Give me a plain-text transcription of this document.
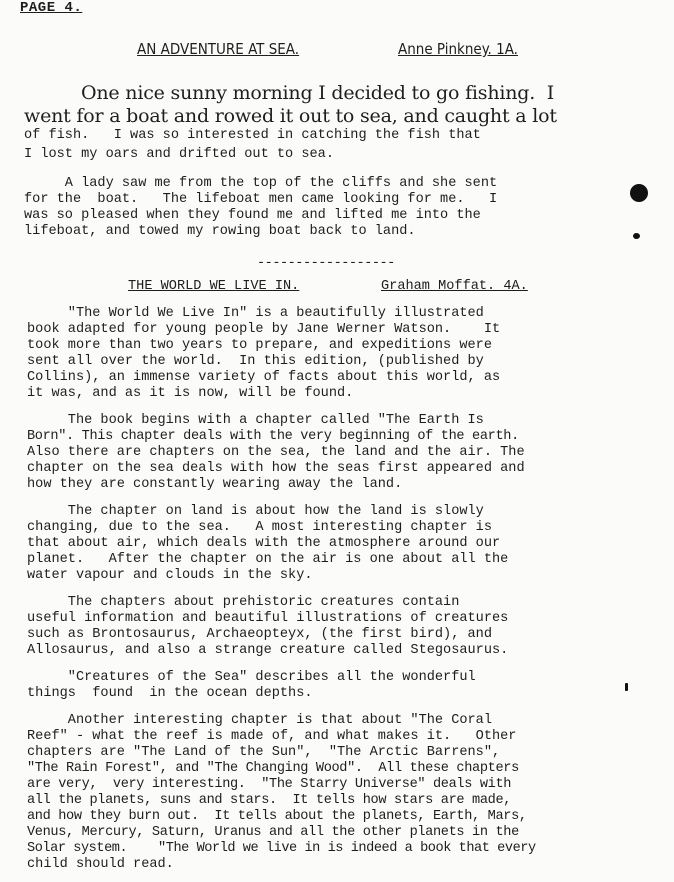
PAGE 4.
AN ADVENTURE AT SEA.	Anne Pinkney. 1A.
One nice sunny morning I decided to go fishing.  I
went for a boat and rowed it out to sea, and caught a lot
of fish.   I was so interested in catching the fish that
I lost my oars and drifted out to sea.
A lady saw me from the top of the cliffs and she sent
for the  boat.   The lifeboat men came looking for me.   I
was so pleased when they found me and lifted me into the
lifeboat, and towed my rowing boat back to land.
------------------
THE WORLD WE LIVE IN.	Graham Moffat. 4A.
"The World We Live In" is a beautifully illustrated
book adapted for young people by Jane Werner Watson.    It
took more than two years to prepare, and expeditions were
sent all over the world.  In this edition, (published by
Collins), an immense variety of facts about this world, as
it was, and as it is now, will be found.
The book begins with a chapter called "The Earth Is
Born". This chapter deals with the very beginning of the earth.
Also there are chapters on the sea, the land and the air. The
chapter on the sea deals with how the seas first appeared and
how they are constantly wearing away the land.
The chapter on land is about how the land is slowly
changing, due to the sea.   A most interesting chapter is
that about air, which deals with the atmosphere around our
planet.   After the chapter on the air is one about all the
water vapour and clouds in the sky.
The chapters about prehistoric creatures contain
useful information and beautiful illustrations of creatures
such as Brontosaurus, Archaeopteyx, (the first bird), and
Allosaurus, and also a strange creature called Stegosaurus.
"Creatures of the Sea" describes all the wonderful
things  found  in the ocean depths.
Another interesting chapter is that about "The Coral
Reef" - what the reef is made of, and what makes it.   Other
chapters are "The Land of the Sun",  "The Arctic Barrens",
"The Rain Forest", and "The Changing Wood".  All these chapters
are very,  very interesting.  "The Starry Universe" deals with
all the planets, suns and stars.  It tells how stars are made,
and how they burn out.  It tells about the planets, Earth, Mars,
Venus, Mercury, Saturn, Uranus and all the other planets in the
Solar system.    "The World we live in is indeed a book that every
child should read.
